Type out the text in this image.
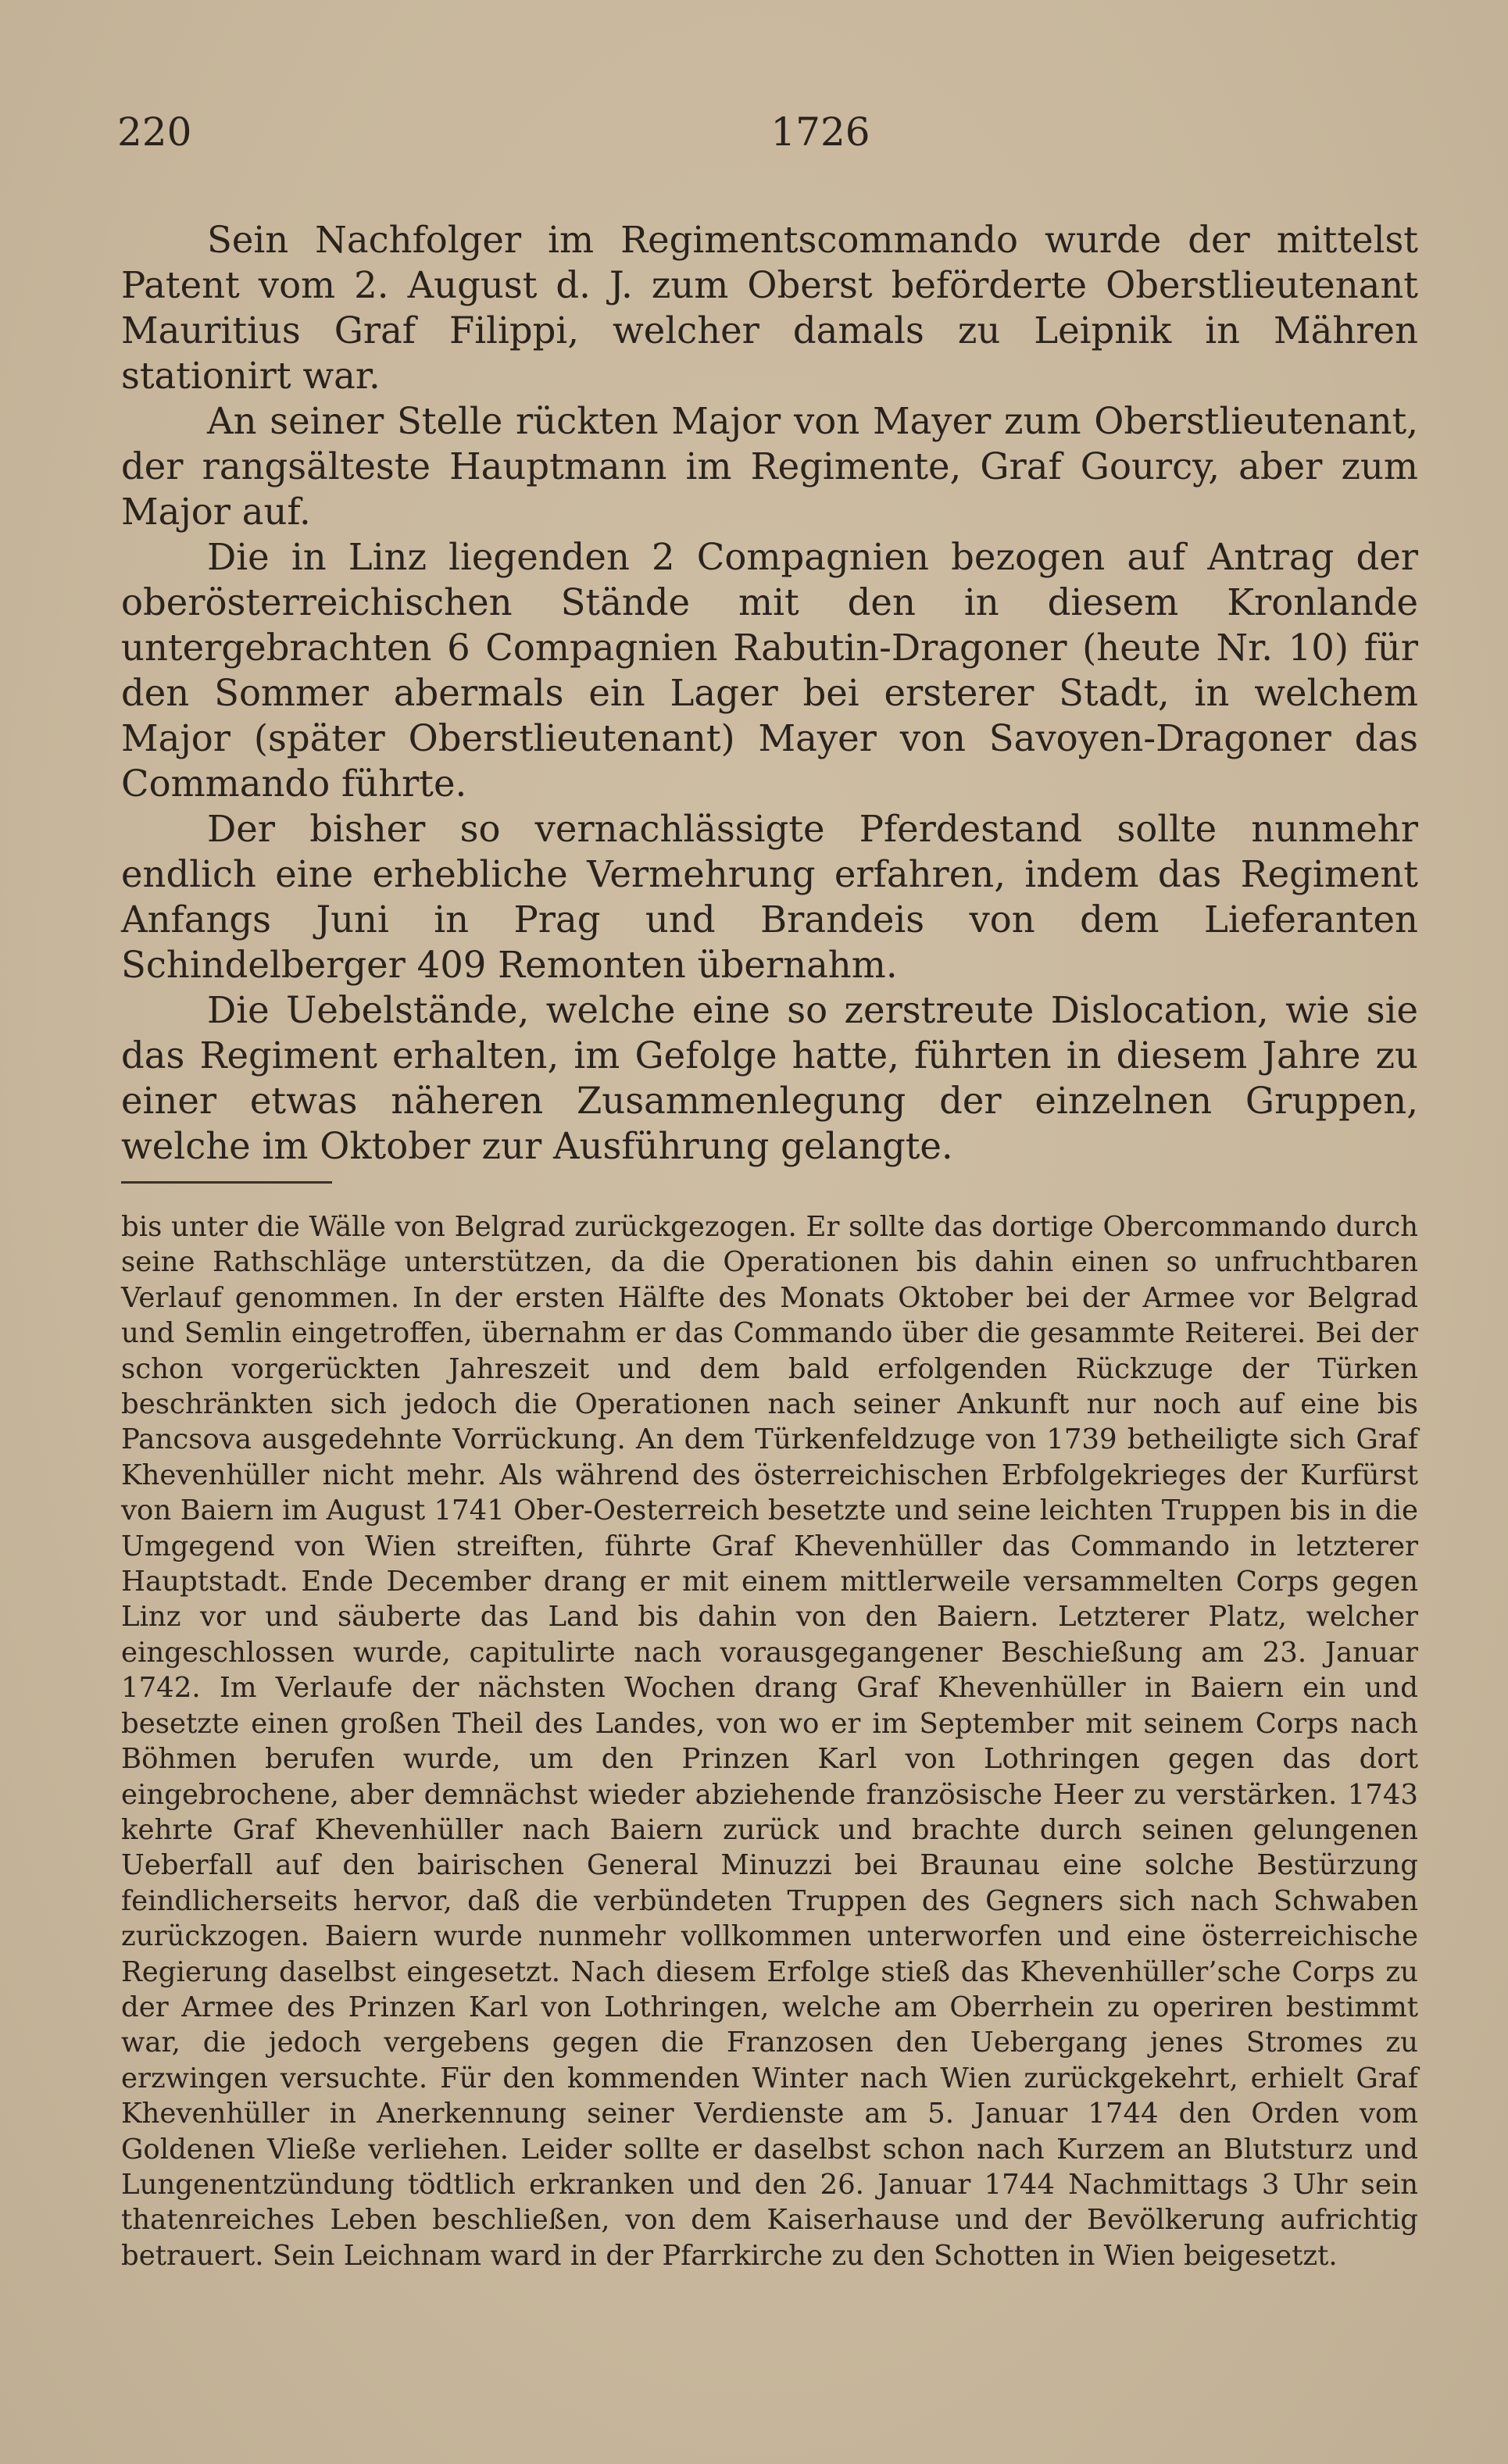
220	1726

Sein Nachfolger im Regimentscommando wurde der mittelst Patent vom 2. August d. J. zum Oberst beförderte Oberstlieutenant Mauritius Graf Filippi, welcher damals zu Leipnik in Mähren stationirt war.

An seiner Stelle rückten Major von Mayer zum Oberstlieutenant, der rangsälteste Hauptmann im Regimente, Graf Gourcy, aber zum Major auf.

Die in Linz liegenden 2 Compagnien bezogen auf Antrag der oberösterreichischen Stände mit den in diesem Kronlande untergebrachten 6 Compagnien Rabutin-Dragoner (heute Nr. 10) für den Sommer abermals ein Lager bei ersterer Stadt, in welchem Major (später Oberstlieutenant) Mayer von Savoyen-Dragoner das Commando führte.

Der bisher so vernachlässigte Pferdestand sollte nunmehr endlich eine erhebliche Vermehrung erfahren, indem das Regiment Anfangs Juni in Prag und Brandeis von dem Lieferanten Schindelberger 409 Remonten übernahm.

Die Uebelstände, welche eine so zerstreute Dislocation, wie sie das Regiment erhalten, im Gefolge hatte, führten in diesem Jahre zu einer etwas näheren Zusammenlegung der einzelnen Gruppen, welche im Oktober zur Ausführung gelangte.

bis unter die Wälle von Belgrad zurückgezogen. Er sollte das dortige Obercommando durch seine Rathschläge unterstützen, da die Operationen bis dahin einen so unfruchtbaren Verlauf genommen. In der ersten Hälfte des Monats Oktober bei der Armee vor Belgrad und Semlin eingetroffen, übernahm er das Commando über die gesammte Reiterei. Bei der schon vorgerückten Jahreszeit und dem bald erfolgenden Rückzuge der Türken beschränkten sich jedoch die Operationen nach seiner Ankunft nur noch auf eine bis Pancsova ausgedehnte Vorrückung. An dem Türkenfeldzuge von 1739 betheiligte sich Graf Khevenhüller nicht mehr. Als während des österreichischen Erbfolgekrieges der Kurfürst von Baiern im August 1741 Ober-Oesterreich besetzte und seine leichten Truppen bis in die Umgegend von Wien streiften, führte Graf Khevenhüller das Commando in letzterer Hauptstadt. Ende December drang er mit einem mittlerweile versammelten Corps gegen Linz vor und säuberte das Land bis dahin von den Baiern. Letzterer Platz, welcher eingeschlossen wurde, capitulirte nach vorausgegangener Beschießung am 23. Januar 1742. Im Verlaufe der nächsten Wochen drang Graf Khevenhüller in Baiern ein und besetzte einen großen Theil des Landes, von wo er im September mit seinem Corps nach Böhmen berufen wurde, um den Prinzen Karl von Lothringen gegen das dort eingebrochene, aber demnächst wieder abziehende französische Heer zu verstärken. 1743 kehrte Graf Khevenhüller nach Baiern zurück und brachte durch seinen gelungenen Ueberfall auf den bairischen General Minuzzi bei Braunau eine solche Bestürzung feindlicherseits hervor, daß die verbündeten Truppen des Gegners sich nach Schwaben zurückzogen. Baiern wurde nunmehr vollkommen unterworfen und eine österreichische Regierung daselbst eingesetzt. Nach diesem Erfolge stieß das Khevenhüller’sche Corps zu der Armee des Prinzen Karl von Lothringen, welche am Oberrhein zu operiren bestimmt war, die jedoch vergebens gegen die Franzosen den Uebergang jenes Stromes zu erzwingen versuchte. Für den kommenden Winter nach Wien zurückgekehrt, erhielt Graf Khevenhüller in Anerkennung seiner Verdienste am 5. Januar 1744 den Orden vom Goldenen Vließe verliehen. Leider sollte er daselbst schon nach Kurzem an Blutsturz und Lungenentzündung tödtlich erkranken und den 26. Januar 1744 Nachmittags 3 Uhr sein thatenreiches Leben beschließen, von dem Kaiserhause und der Bevölkerung aufrichtig betrauert. Sein Leichnam ward in der Pfarrkirche zu den Schotten in Wien beigesetzt.
